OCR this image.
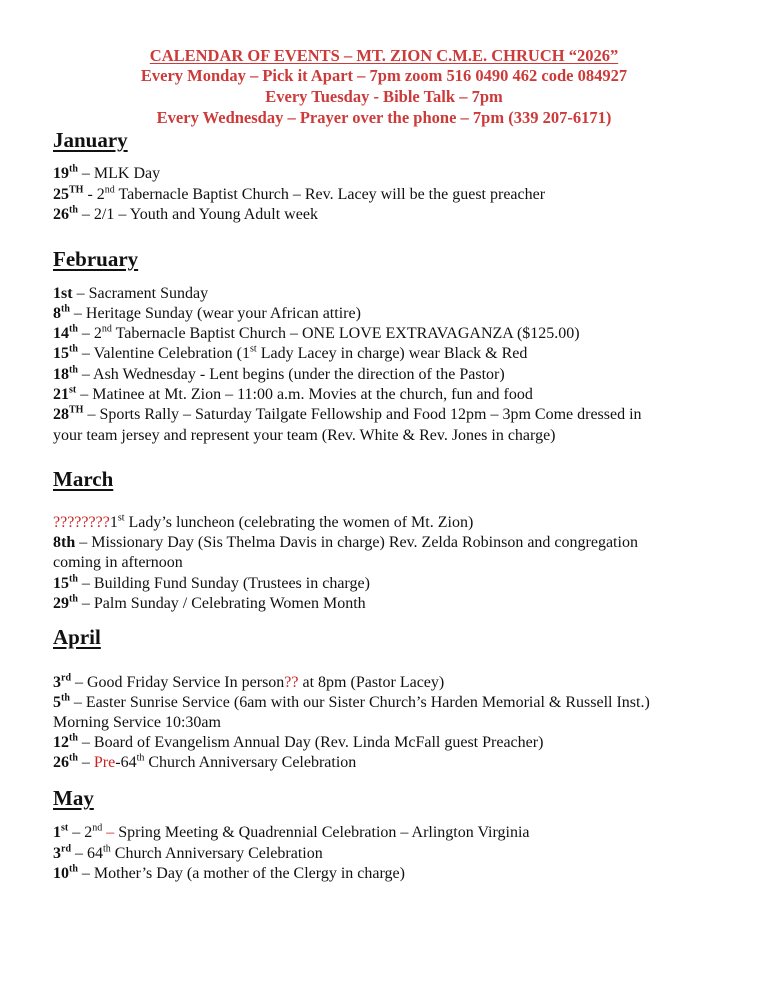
CALENDAR OF EVENTS – MT. ZION C.M.E. CHRUCH “2026”
Every Monday – Pick it Apart – 7pm zoom 516 0490 462 code 084927
Every Tuesday - Bible Talk – 7pm
Every Wednesday – Prayer over the phone – 7pm (339 207-6171)
January
19th – MLK Day
25TH - 2nd Tabernacle Baptist Church – Rev. Lacey will be the guest preacher
26th – 2/1 – Youth and Young Adult week
February
1st – Sacrament Sunday
8th – Heritage Sunday (wear your African attire)
14th – 2nd Tabernacle Baptist Church – ONE LOVE EXTRAVAGANZA ($125.00)
15th – Valentine Celebration (1st Lady Lacey in charge) wear Black & Red
18th – Ash Wednesday - Lent begins (under the direction of the Pastor)
21st – Matinee at Mt. Zion – 11:00 a.m. Movies at the church, fun and food
28TH – Sports Rally – Saturday Tailgate Fellowship and Food 12pm – 3pm Come dressed in
your team jersey and represent your team (Rev. White & Rev. Jones in charge)
March
????????1st Lady’s luncheon (celebrating the women of Mt. Zion)
8th – Missionary Day (Sis Thelma Davis in charge) Rev. Zelda Robinson and congregation
coming in afternoon
15th – Building Fund Sunday (Trustees in charge)
29th – Palm Sunday / Celebrating Women Month
April
3rd – Good Friday Service In person?? at 8pm (Pastor Lacey)
5th – Easter Sunrise Service (6am with our Sister Church’s Harden Memorial & Russell Inst.)
Morning Service 10:30am
12th – Board of Evangelism Annual Day (Rev. Linda McFall guest Preacher)
26th – Pre-64th Church Anniversary Celebration
May
1st – 2nd – Spring Meeting & Quadrennial Celebration – Arlington Virginia
3rd – 64th Church Anniversary Celebration
10th – Mother’s Day (a mother of the Clergy in charge)
